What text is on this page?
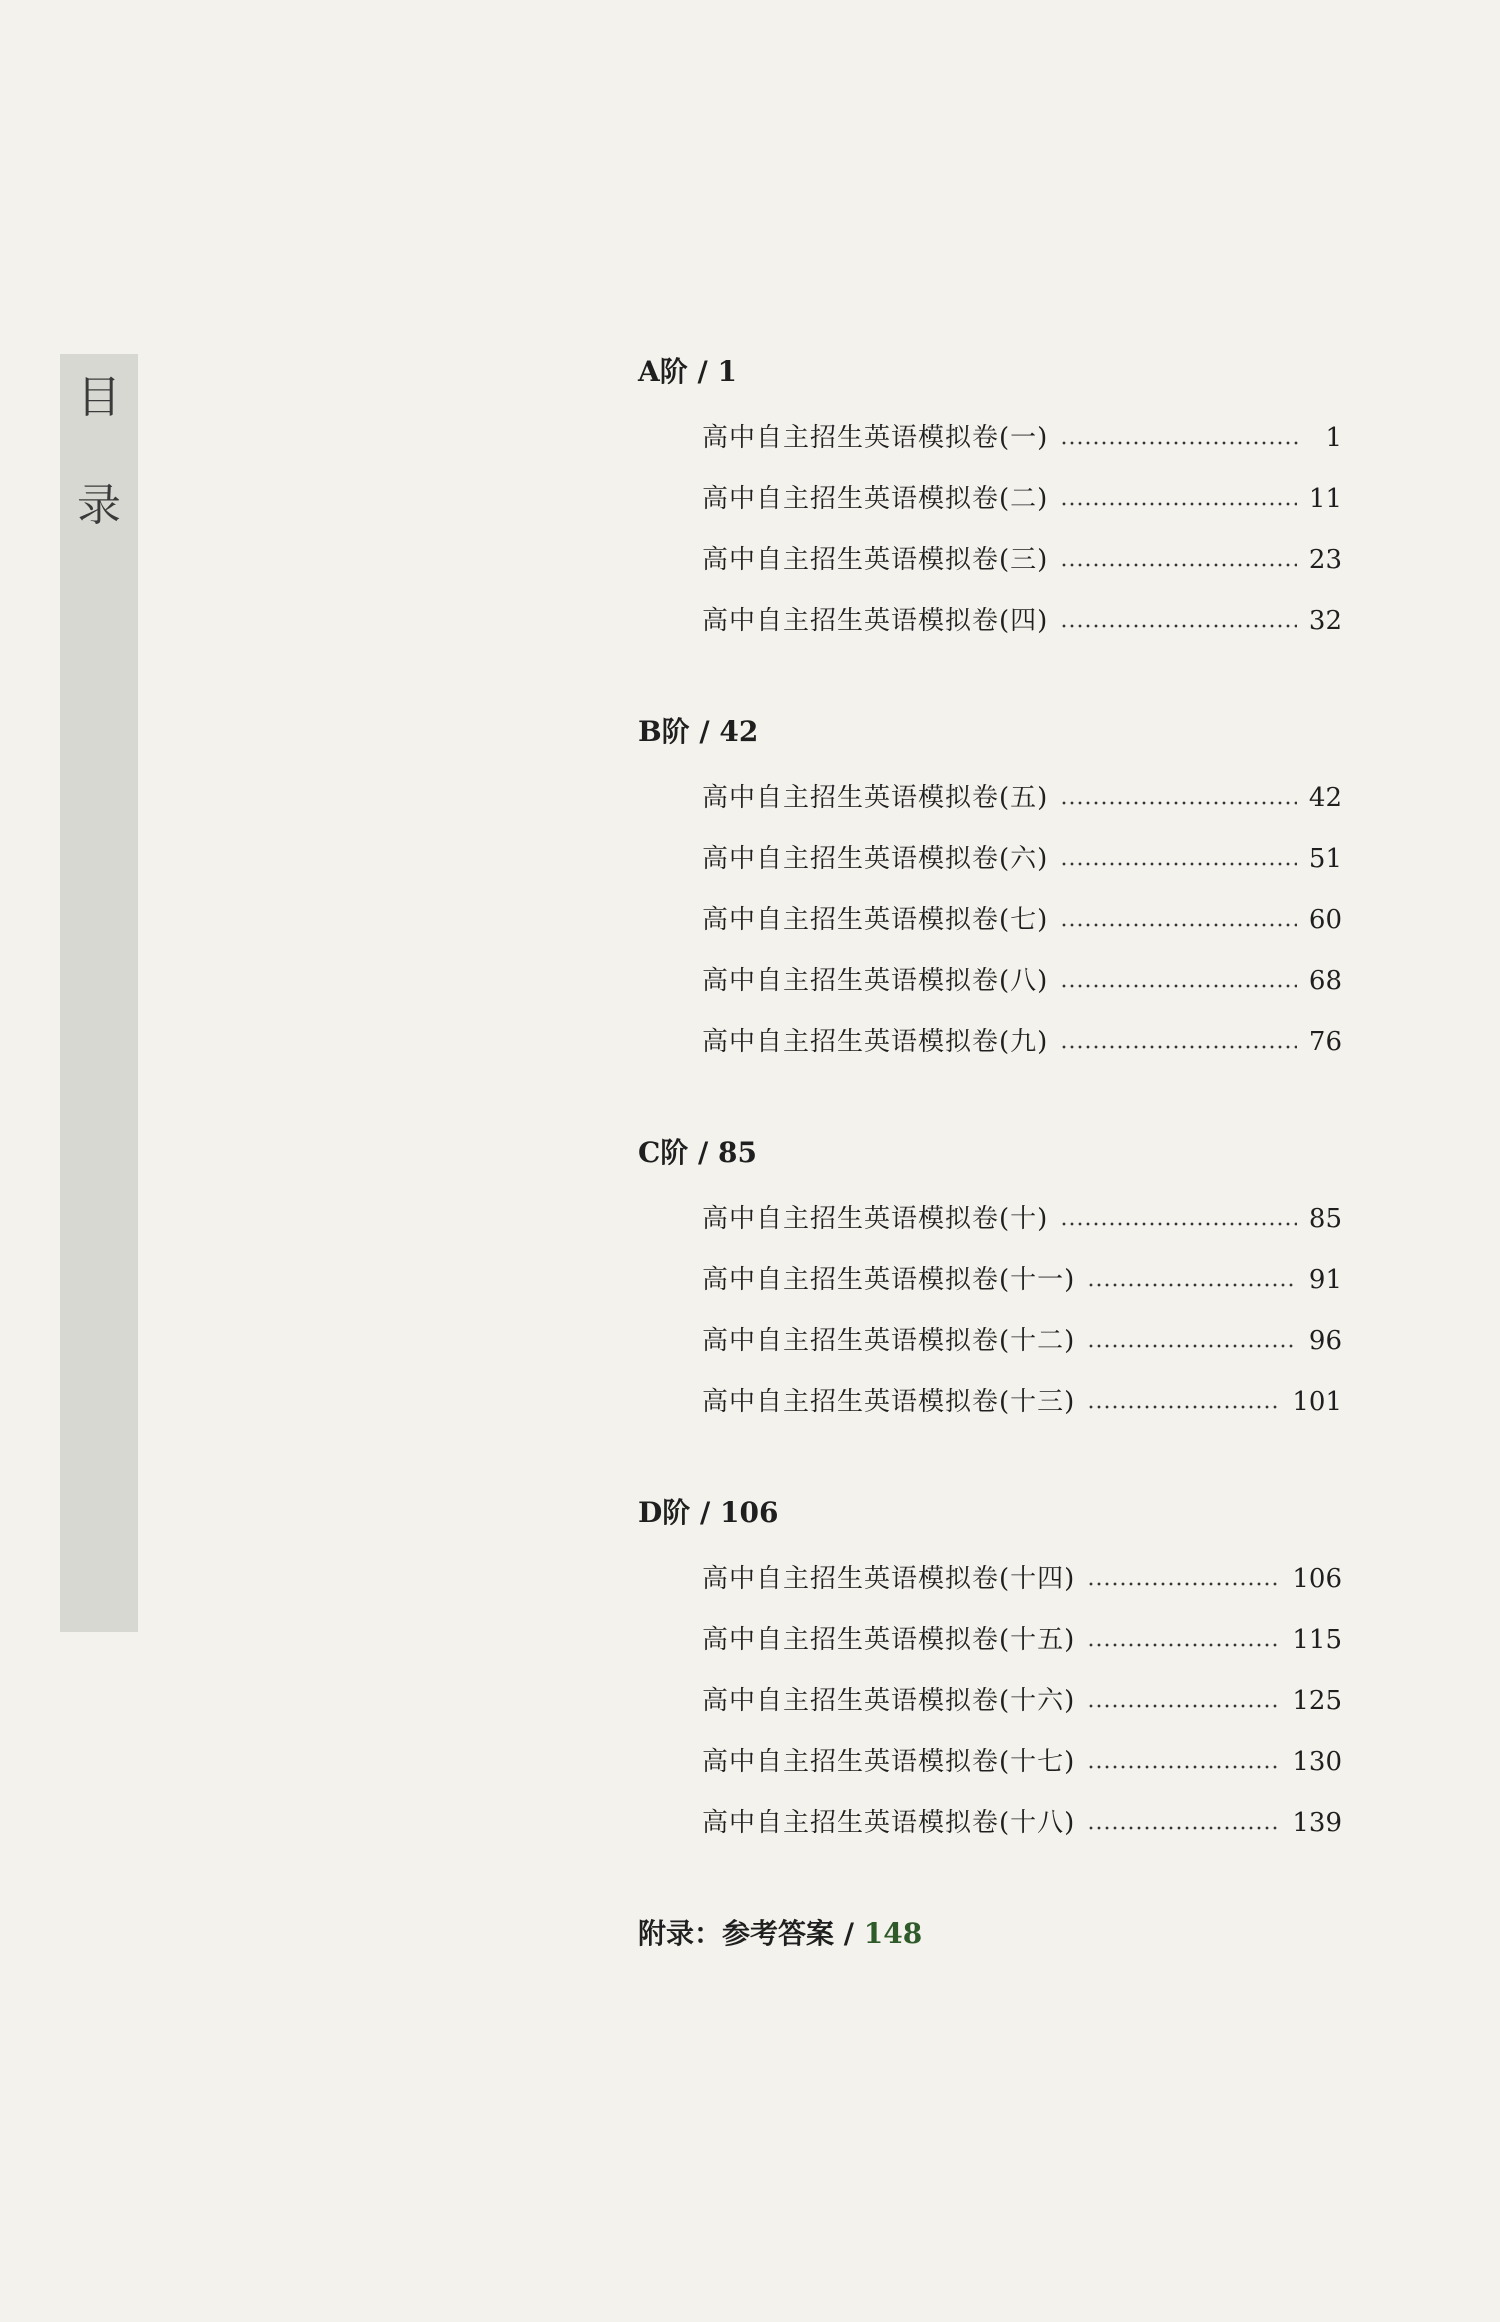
目
录
A阶 / 1
高中自主招生英语模拟卷(一)	1
高中自主招生英语模拟卷(二)	11
高中自主招生英语模拟卷(三)	23
高中自主招生英语模拟卷(四)	32
B阶 / 42
高中自主招生英语模拟卷(五)	42
高中自主招生英语模拟卷(六)	51
高中自主招生英语模拟卷(七)	60
高中自主招生英语模拟卷(八)	68
高中自主招生英语模拟卷(九)	76
C阶 / 85
高中自主招生英语模拟卷(十)	85
高中自主招生英语模拟卷(十一)	91
高中自主招生英语模拟卷(十二)	96
高中自主招生英语模拟卷(十三)	101
D阶 / 106
高中自主招生英语模拟卷(十四)	106
高中自主招生英语模拟卷(十五)	115
高中自主招生英语模拟卷(十六)	125
高中自主招生英语模拟卷(十七)	130
高中自主招生英语模拟卷(十八)	139
附录：参考答案 / 148
